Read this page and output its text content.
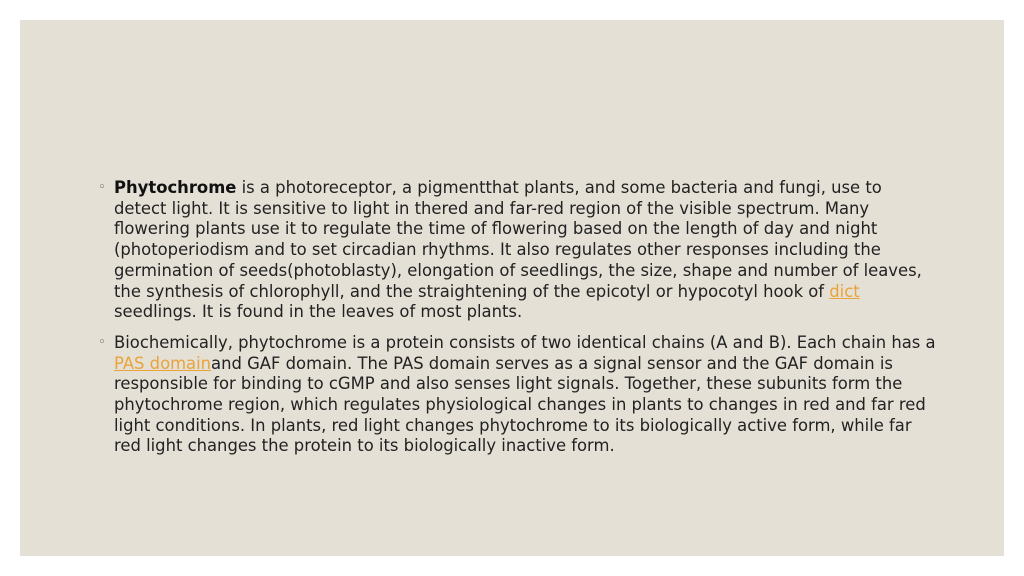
◦ Phytochrome is a photoreceptor, a pigmentthat plants, and some bacteria and fungi, use to detect light. It is sensitive to light in thered and far-red region of the visible spectrum. Many flowering plants use it to regulate the time of flowering based on the length of day and night (photoperiodism and to set circadian rhythms. It also regulates other responses including the germination of seeds(photoblasty), elongation of seedlings, the size, shape and number of leaves, the synthesis of chlorophyll, and the straightening of the epicotyl or hypocotyl hook of dict seedlings. It is found in the leaves of most plants.
◦ Biochemically, phytochrome is a protein consists of two identical chains (A and B). Each chain has a PAS domainand GAF domain. The PAS domain serves as a signal sensor and the GAF domain is responsible for binding to cGMP and also senses light signals. Together, these subunits form the phytochrome region, which regulates physiological changes in plants to changes in red and far red light conditions. In plants, red light changes phytochrome to its biologically active form, while far red light changes the protein to its biologically inactive form.
